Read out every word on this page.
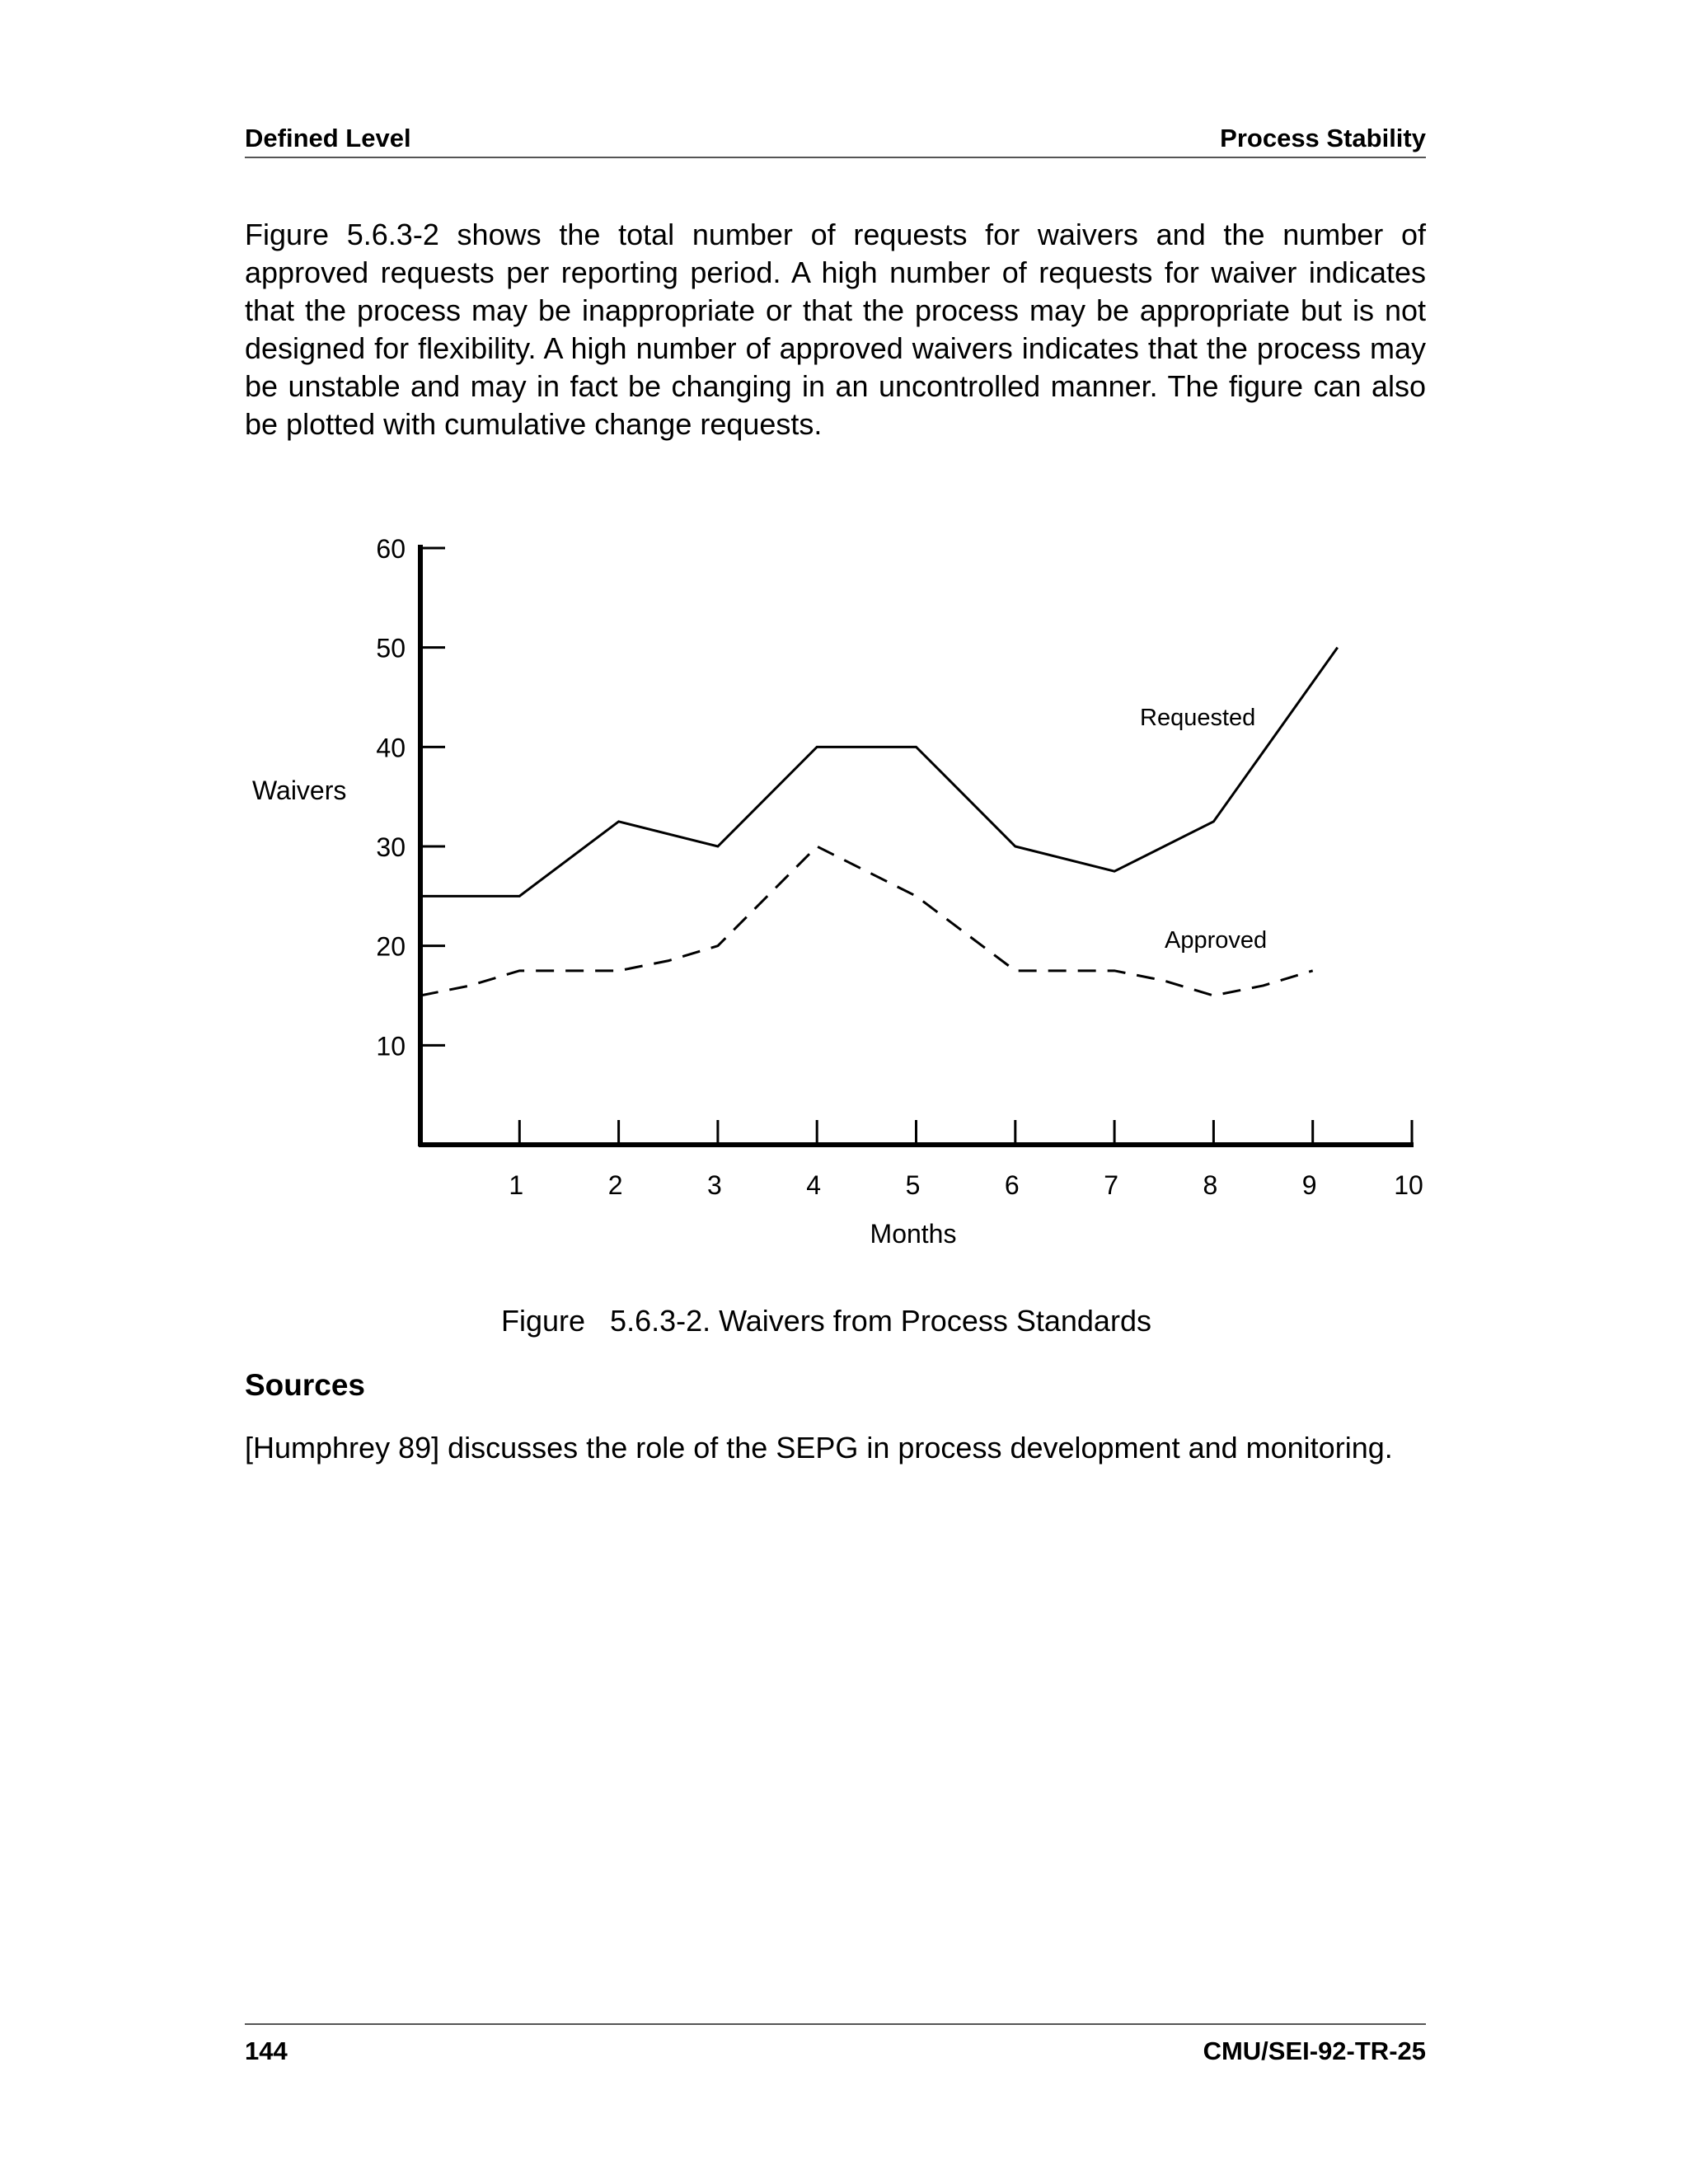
Defined Level	Process Stability

Figure 5.6.3-2 shows the total number of requests for waivers and the number of approved requests per reporting period. A high number of requests for waiver indicates that the process may be inappropriate or that the process may be appropriate but is not designed for flexibility. A high number of approved waivers indicates that the process may be unstable and may in fact be changing in an uncontrolled manner. The figure can also be plotted with cumulative change requests.

10
20
30
40
50
60
1	2	3	4	5	6	7	8	9	10
Months
Waivers
Requested
Approved
Figure   5.6.3-2. Waivers from Process Standards
Sources

[Humphrey 89] discusses the role of the SEPG in process development and monitoring.

144	CMU/SEI-92-TR-25
